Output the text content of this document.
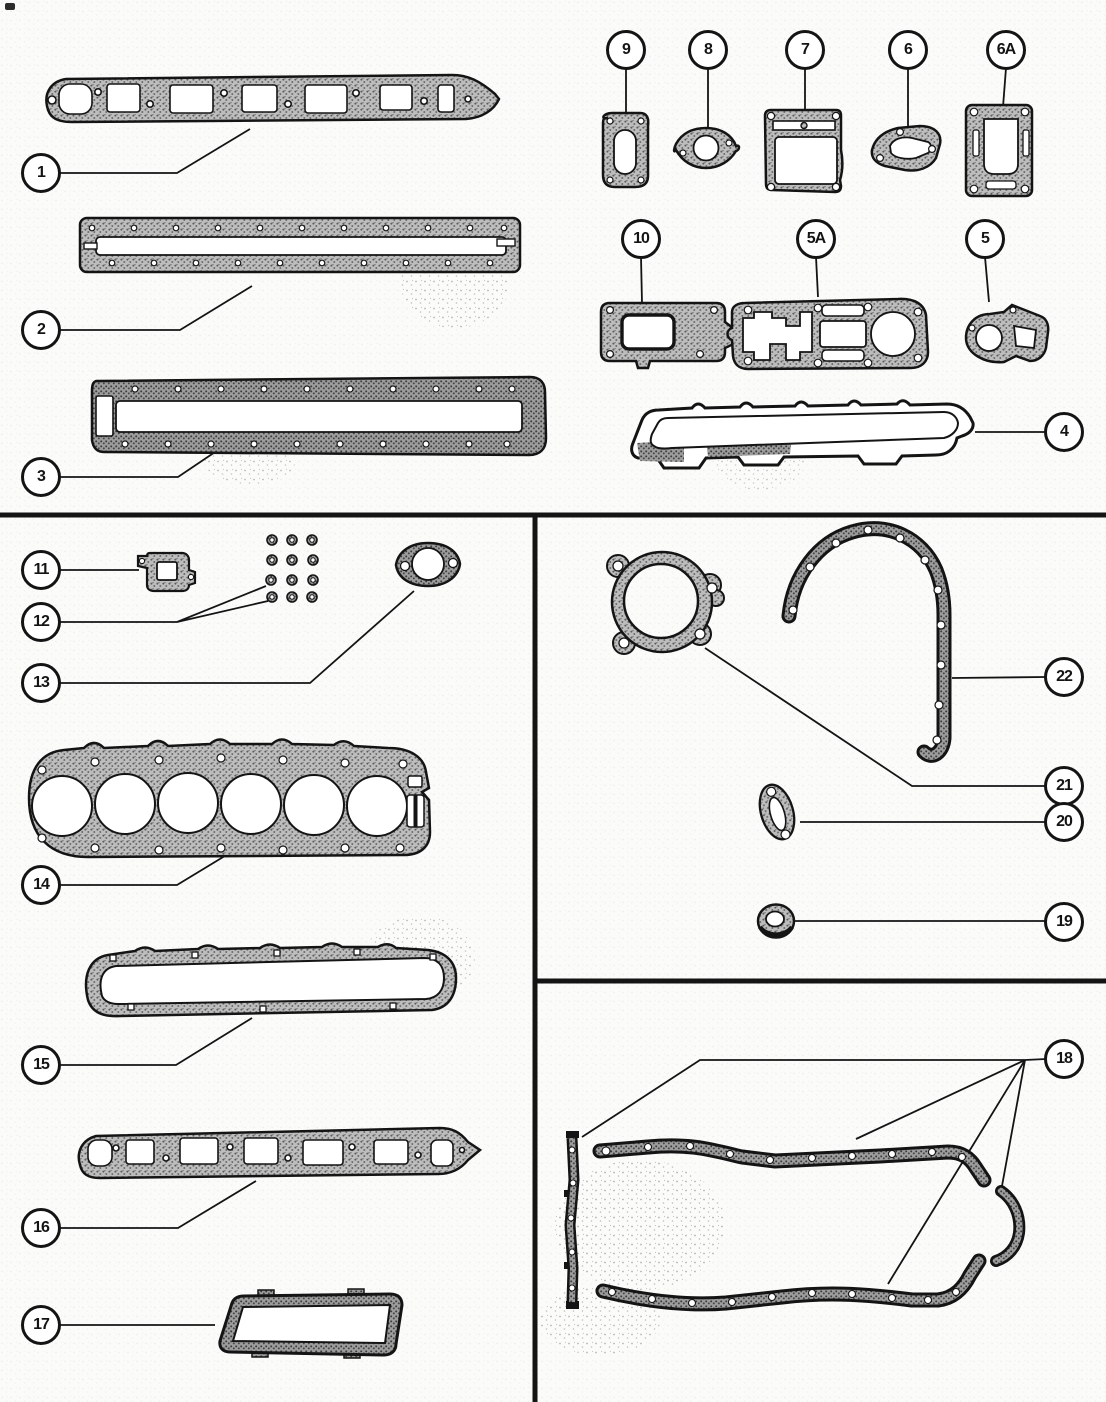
1
2
3
4
9	8	7	6	6A
10	5A	5
11
12
13
14
15
16
17
22
21
20
19
18
